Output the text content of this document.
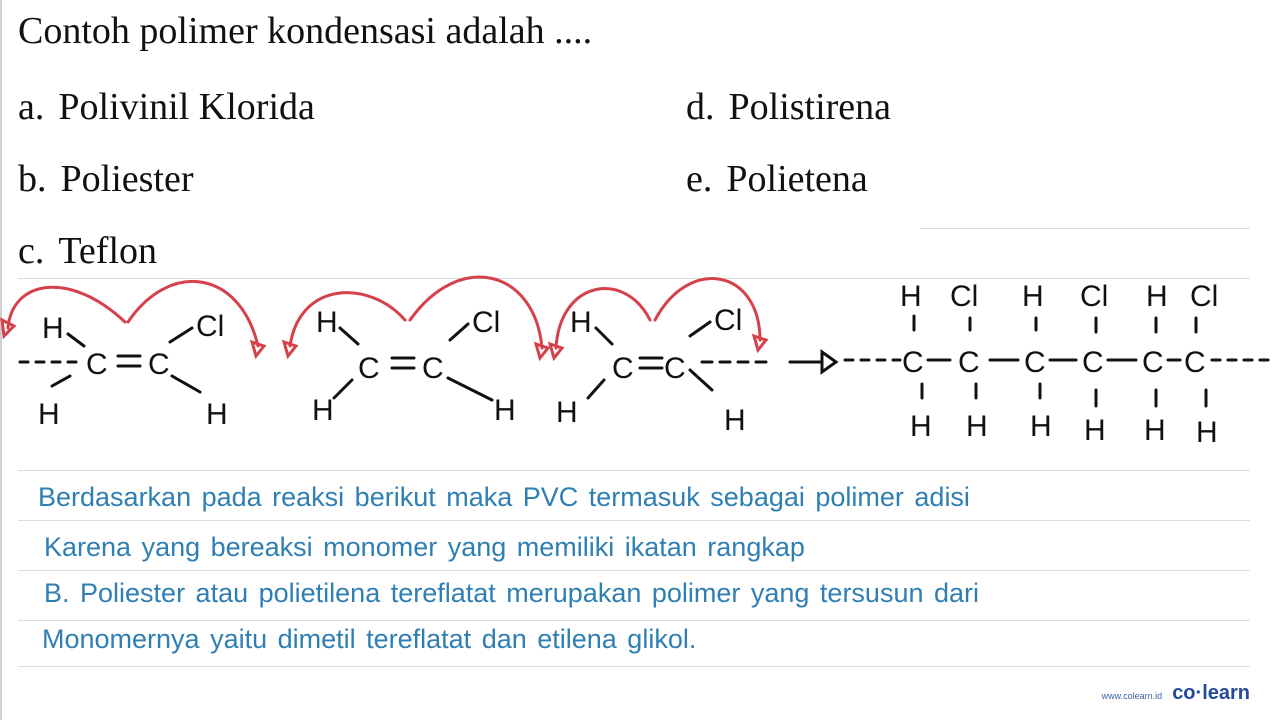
Contoh polimer kondensasi adalah ....
a. Polivinil Klorida
b. Poliester
c. Teflon
d. Polistirena
e. Polietena
H
C C
Cl
H	H
H
C C
Cl
H	H
H
C C
Cl
H	H
H Cl H Cl H Cl
C C C C C C
H H H H H H
Berdasarkan pada reaksi berikut maka PVC termasuk sebagai polimer adisi
Karena yang bereaksi monomer yang memiliki ikatan rangkap
B. Poliester atau polietilena tereflatat merupakan polimer yang tersusun dari
Monomernya yaitu dimetil tereflatat dan etilena glikol.
www.colearn.id co·learn
